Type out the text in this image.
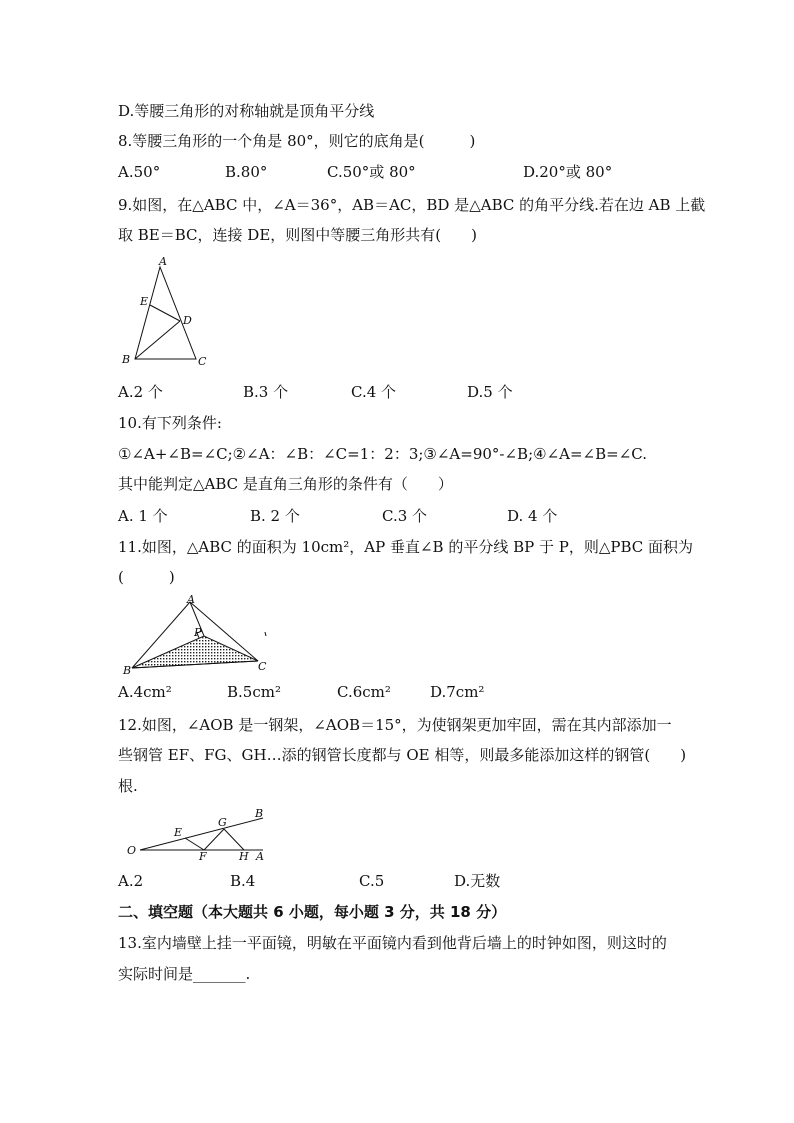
D.等腰三角形的对称轴就是顶角平分线
8.等腰三角形的一个角是 80°，则它的底角是(　　　)
A.50°	B.80°	C.50°或 80°	D.20°或 80°
9.如图，在△ABC 中，∠A＝36°，AB＝AC，BD 是△ABC 的角平分线.若在边 AB 上截
取 BE＝BC，连接 DE，则图中等腰三角形共有(　　)
A
B	C
D
E
A.2 个	B.3 个	C.4 个	D.5 个
10.有下列条件:
①∠A+∠B=∠C;②∠A：∠B：∠C=1：2：3;③∠A=90°-∠B;④∠A=∠B=∠C.
其中能判定△ABC 是直角三角形的条件有（　　）
A. 1 个	B. 2 个	C.3 个	D. 4 个
11.如图，△ABC 的面积为 10cm²，AP 垂直∠B 的平分线 BP 于 P，则△PBC 面积为
(　　　)
A
B	C
P
A.4cm²	B.5cm²	C.6cm²	D.7cm²
12.如图，∠AOB 是一钢架，∠AOB＝15°，为使钢架更加牢固，需在其内部添加一
些钢管 EF、FG、GH…添的钢管长度都与 OE 相等，则最多能添加这样的钢管(　　)
根.
O
E
F
G
H A
B
A.2	B.4	C.5	D.无数
二、填空题（本大题共 6 小题，每小题 3 分，共 18 分）
13.室内墙壁上挂一平面镜，明敏在平面镜内看到他背后墙上的时钟如图，则这时的
实际时间是_______.
